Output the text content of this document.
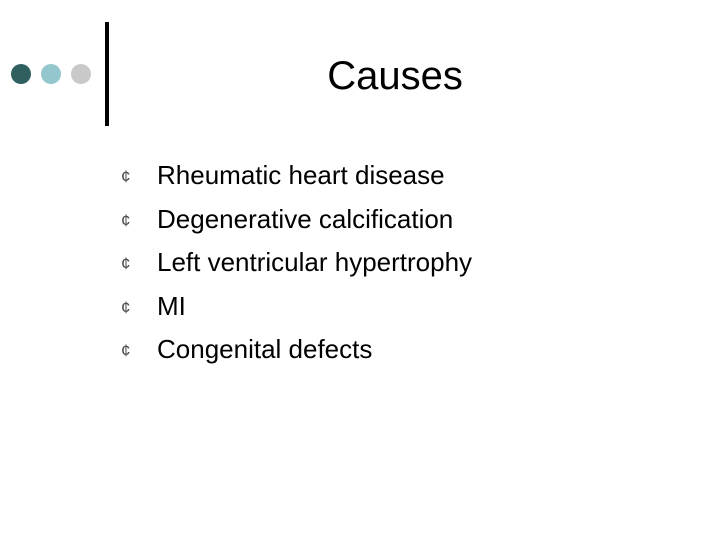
Causes
¢ Rheumatic heart disease
¢ Degenerative calcification
¢ Left ventricular hypertrophy
¢ MI
¢ Congenital defects
